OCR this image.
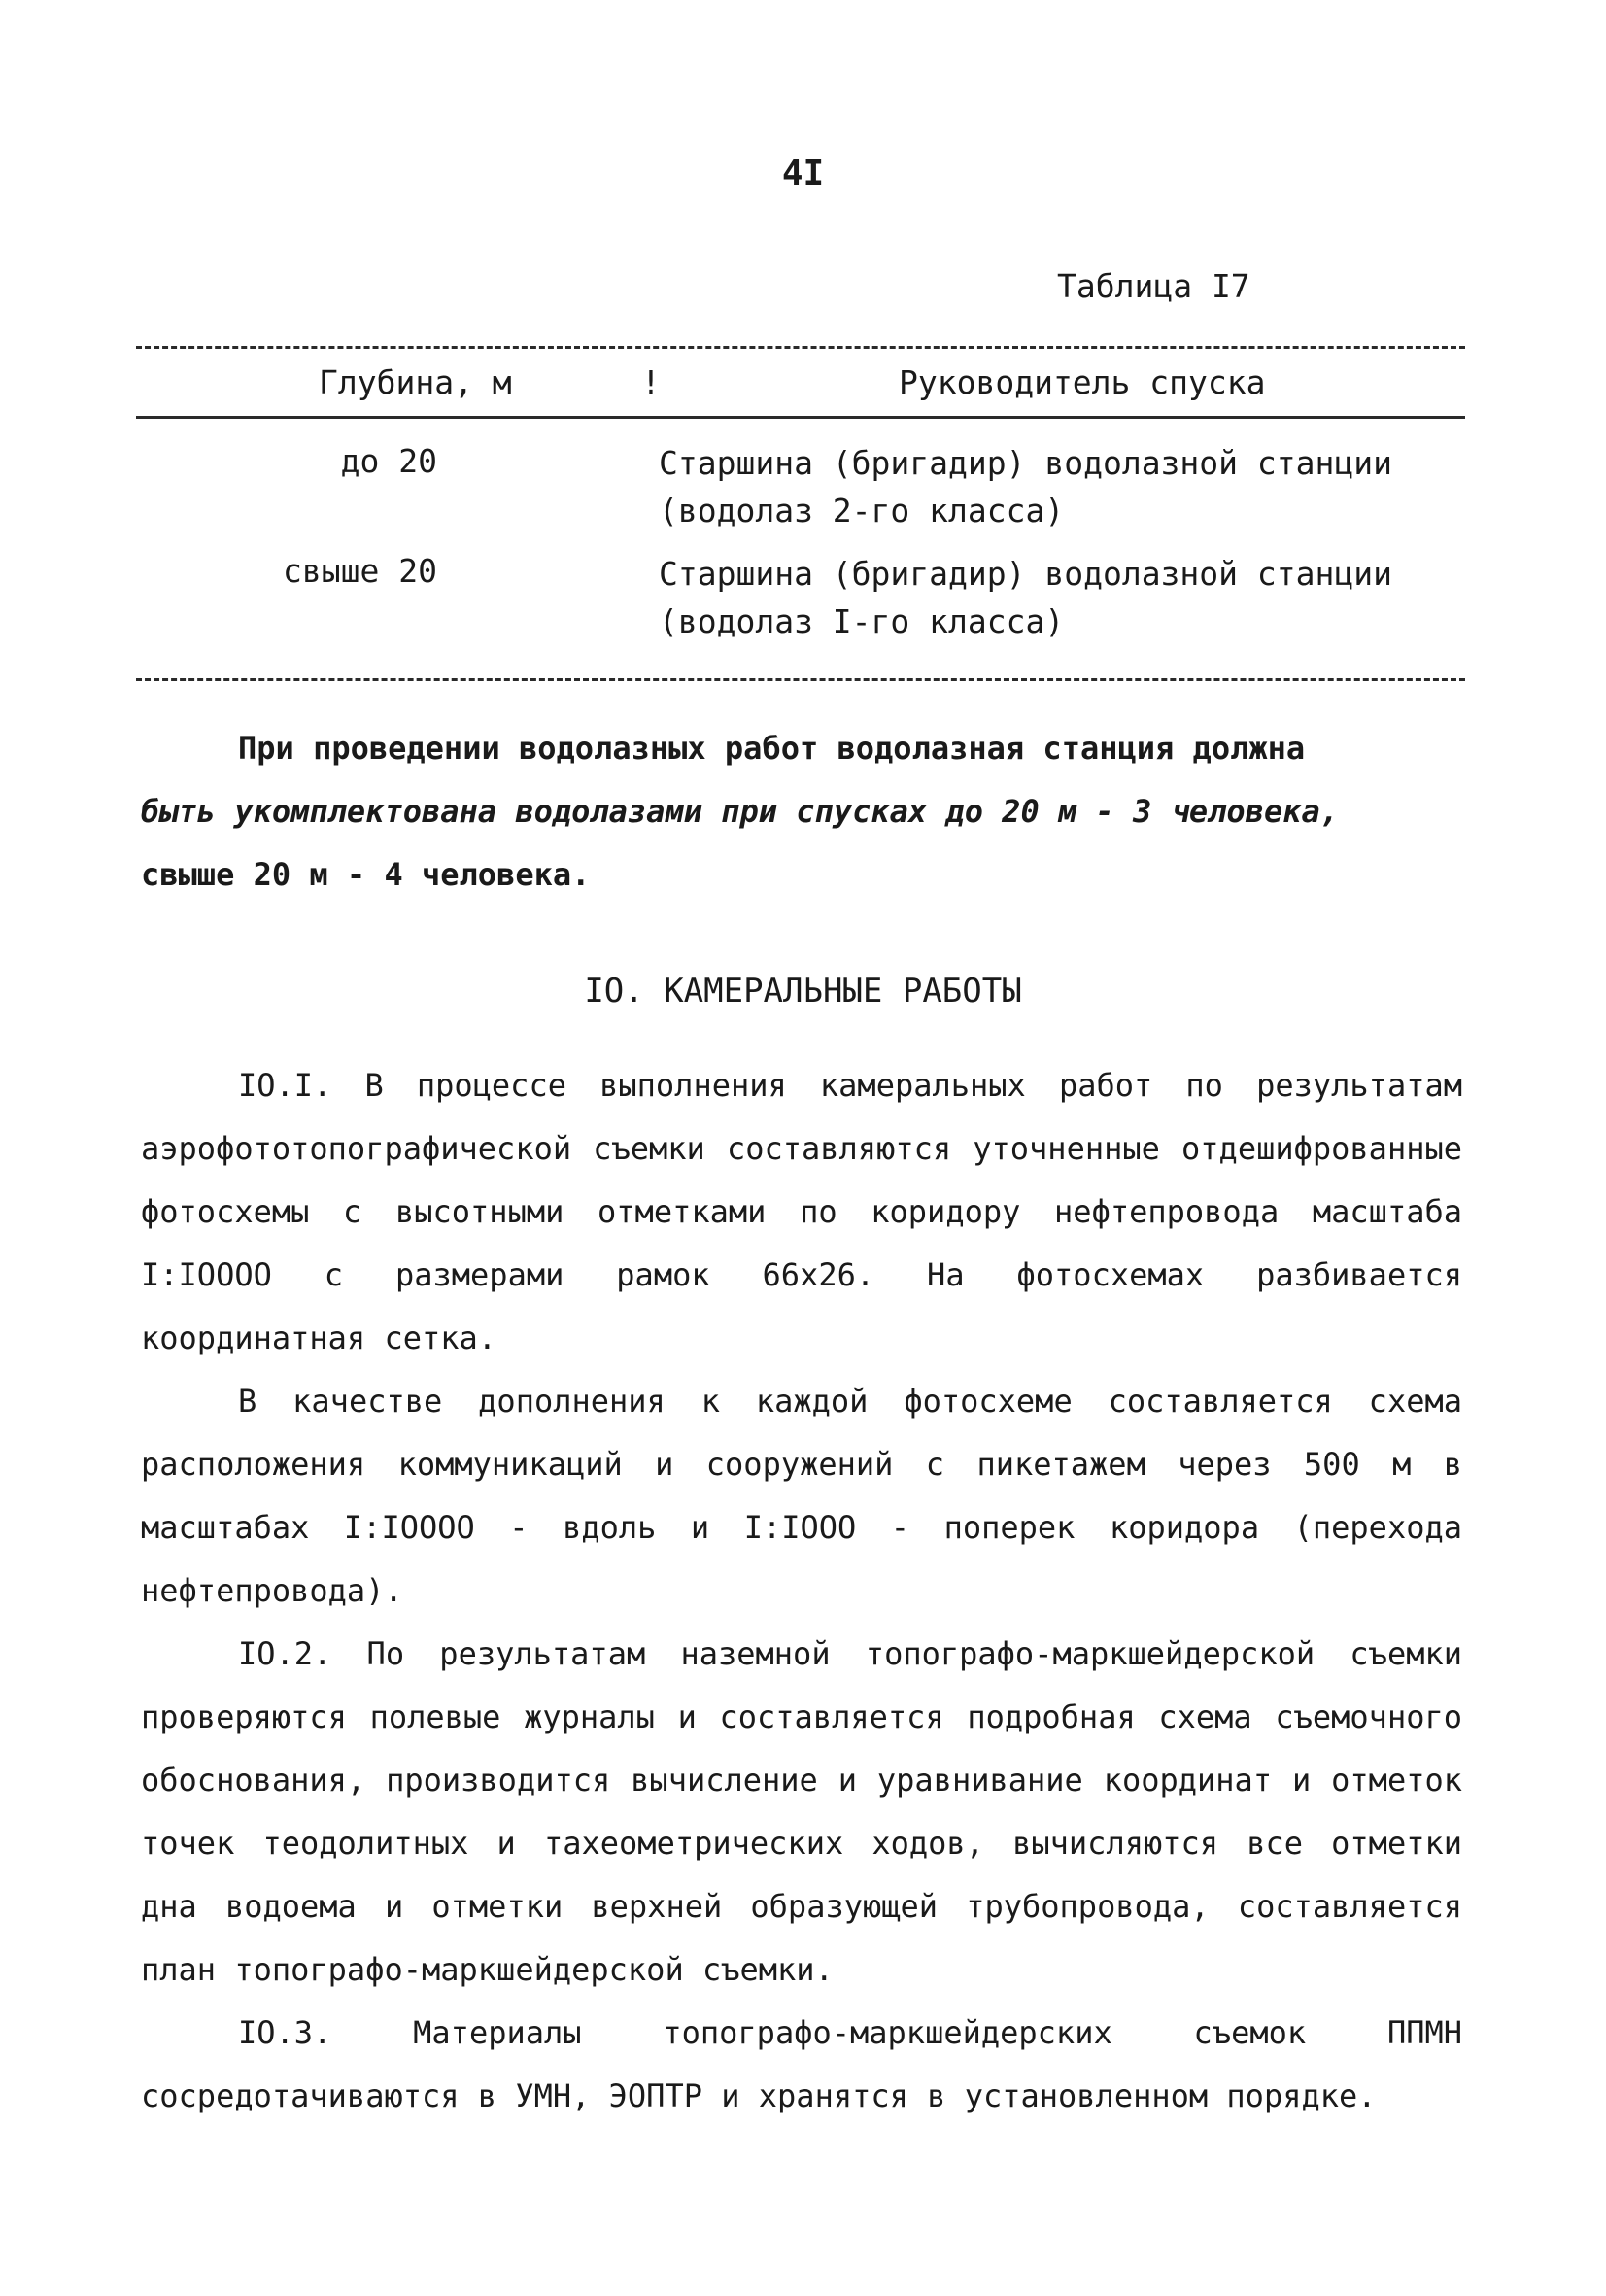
4I
Таблица I7
Глубина, м	!	Руководитель спуска
до 20	Старшина (бригадир) водолазной станции
(водолаз 2-го класса)
свыше 20	Старшина (бригадир) водолазной станции
(водолаз I-го класса)
При проведении водолазных работ водолазная станция должна
быть укомплектована водолазами при спусках до 20 м - 3 человека,
свыше 20 м - 4 человека.
IO. КАМЕРАЛЬНЫЕ РАБОТЫ

IO.I. В процессе выполнения камеральных работ по результатам аэрофототопографической съемки составляются уточненные отдешифрованные фотосхемы с высотными отметками по коридору нефтепровода масштаба I:IOOOO с размерами рамок 66х26. На фотосхемах разбивается координатная сетка.

В качестве дополнения к каждой фотосхеме составляется схема расположения коммуникаций и сооружений с пикетажем через 500 м в масштабах I:IOOOO - вдоль и I:IOOO - поперек коридора (перехода нефтепровода).

IO.2. По результатам наземной топографо-маркшейдерской съемки проверяются полевые журналы и составляется подробная схема съемочного обоснования, производится вычисление и уравнивание координат и отметок точек теодолитных и тахеометрических ходов, вычисляются все отметки дна водоема и отметки верхней образующей трубопровода, составляется план топографо-маркшейдерской съемки.

IO.3. Материалы топографо-маркшейдерских съемок ППМН сосредотачиваются в УМН, ЭОПТР и хранятся в установленном порядке.
